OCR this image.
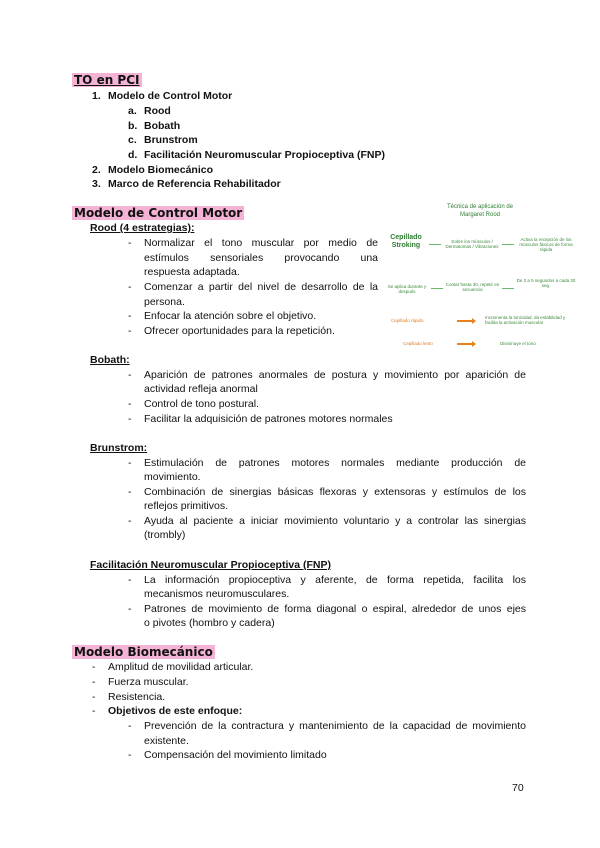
TO en PCI
1. Modelo de Control Motor
a. Rood
b. Bobath
c. Brunstrom
d. Facilitación Neuromuscular Propioceptiva (FNP)
2. Modelo Biomecánico
3. Marco de Referencia Rehabilitador
Modelo de Control Motor
Rood (4 estrategias):
- Normalizar el tono muscular por medio de
estímulos sensoriales provocando una
respuesta adaptada.
- Comenzar a partir del nivel de desarrollo de la
persona.
- Enfocar la atención sobre el objetivo.
- Ofrecer oportunidades para la repetición.
Técnica de aplicación de
Margaret Rood
Cepillado Stroking
Sobre los músculos / Dermatomas / Vibraciones
Activa la recepción de los músculos fásicos de forma rápida
De 3 a 5 segundos a cada 30 seg.
Contar hasta 30, repetir en secuencia
Se aplica durante y después
Cepillado rápido
Incrementa la tonicidad, da estabilidad y facilita la activación muscular
Cepillado lento	Disminuye el tono
Bobath:
- Aparición de patrones anormales de postura y movimiento por aparición de
actividad refleja anormal
- Control de tono postural.
- Facilitar la adquisición de patrones motores normales
Brunstrom:
- Estimulación de patrones motores normales mediante producción de
movimiento.
- Combinación de sinergias básicas flexoras y extensoras y estímulos de los
reflejos primitivos.
- Ayuda al paciente a iniciar movimiento voluntario y a controlar las sinergias
(trombly)
Facilitación Neuromuscular Propioceptiva (FNP)
- La información propioceptiva y aferente, de forma repetida, facilita los
mecanismos neuromusculares.
- Patrones de movimiento de forma diagonal o espiral, alrededor de unos ejes
o pivotes (hombro y cadera)
Modelo Biomecánico
- Amplitud de movilidad articular.
- Fuerza muscular.
- Resistencia.
- Objetivos de este enfoque:
- Prevención de la contractura y mantenimiento de la capacidad de movimiento
existente.
- Compensación del movimiento limitado
70
